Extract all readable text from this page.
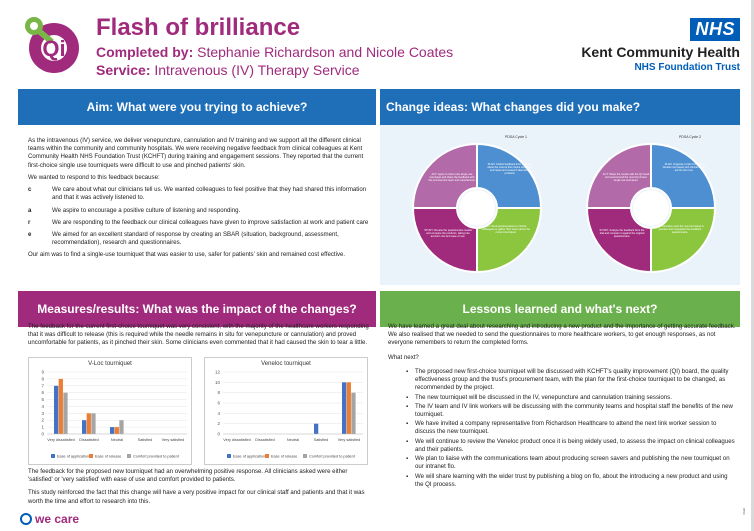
Qi
Flash of brilliance
Completed by: Stephanie Richardson and Nicole Coates
Service: Intravenous (IV) Therapy Service
NHS
Kent Community Health
NHS Foundation Trust
Aim: What were you trying to achieve?

As the intravenous (IV) service, we deliver venepuncture, cannulation and IV training and we support all the different clinical teams within the community and community hospitals. We were receiving negative feedback from clinical colleagues at Kent Community Health NHS Foundation Trust (KCHFT) during training and engagement sessions. They reported that the current first-choice single use tourniquets were difficult to use and pinched patients' skin.

We wanted to respond to this feedback because:

c	We care about what our clinicians tell us. We wanted colleagues to feel positive that they had shared this information and that it was actively listened to.
a	We aspire to encourage a positive culture of listening and responding.
r	We are responding to the feedback our clinical colleagues have given to improve satisfaction at work and patient care
e	We aimed for an excellent standard of response by creating an SBAR (situation, background, assessment, recommendation), research and questionnaires.

Our aim was to find a single-use tourniquet that was easier to use, safer for patients' skin and remained cost effective.

Change ideas: What changes did you make?
ACT: Agree to trial a new single use tourniquet and share the feedback with the procurement team and manufacturer.
PLAN: Collect feedback from clinicians about the current first choice single use tourniquet and research alternative products.
STUDY: Review the questionnaire results and compare the products, taking into account cost and ease of use.
DO: Send questionnaires to clinical colleagues to gather their views about the current tourniquet.
PDSA Cycle 1
ACT: Share the results with the QI board and recommend the new first choice single use tourniquet.
PLAN: Organise a trial of the new Veneloc tourniquet with clinical teams across the trust.
STUDY: Analyse the feedback from the trial and compare it against the original questionnaire.
DO: Clinicians used the new tourniquet in practice and completed the feedback questionnaire.
PDSA Cycle 2
Measures/results: What was the impact of the changes?
The feedback for the current first-choice tourniquet was very consistent, with the majority of the healthcare workers responding that it was difficult to release (this is required while the needle remains in situ for venepuncture or cannulation) and proved uncomfortable for patients, as it pinched their skin. Some clinicians even commented that it had caused the skin to tear a little.
V-Loc tourniquet
0
1
2
3
4
5
6
7
8
9
Very dissatisfied Dissatisfied	Neutral	Satisfied Very satisfied
Ease of application Ease of release	Comfort provided to patient
Veneloc tourniquet
0
2
4
6
8
10
12
Very dissatisfied Dissatisfied	Neutral	Satisfied Very satisfied
Ease of application Ease of release	Comfort provided to patient

The feedback for the proposed new tourniquet had an overwhelming positive response. All clinicians asked were either 'satisfied' or 'very satisfied' with ease of use and comfort provided to patients.

This study reinforced the fact that this change will have a very positive impact for our clinical staff and patients and that it was worth the time and effort to research into this.

Lessons learned and what's next?

We have learned a great deal about researching and introducing a new product and the importance of getting accurate feedback. We also realised that we needed to send the questionnaires to more healthcare workers, to get enough responses, as not everyone remembers to return the completed forms.

What next?

▪ The proposed new first-choice tourniquet will be discussed with KCHFT's quality improvement (QI) board, the quality effectiveness group and the trust's procurement team, with the plan for the first-choice tourniquet to be changed, as recommended by the project.
▪ The new tourniquet will be discussed in the IV, venepuncture and cannulation training sessions.
▪ The IV team and IV link workers will be discussing with the community teams and hospital staff the benefits of the new tourniquet.
▪ We have invited a company representative from Richardson Healthcare to attend the next link worker session to discuss the new tourniquet.
▪ We will continue to review the Veneloc product once it is being widely used, to assess the impact on clinical colleagues and their patients.
▪ We plan to liaise with the communications team about producing screen savers and publishing the new tourniquet on our intranet flo.
▪ We will share learning with the wider trust by publishing a blog on flo, about the introducing a new product and using the QI process.
we care
0556
